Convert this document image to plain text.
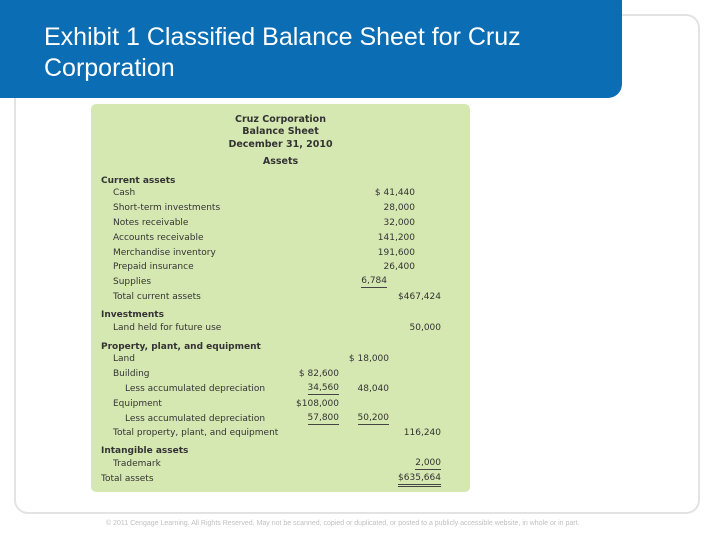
Exhibit 1 Classified Balance Sheet for Cruz Corporation
Cruz Corporation
Balance Sheet
December 31, 2010
Assets
Current assets
Cash	$ 41,440
Short-term investments	28,000
Notes receivable	32,000
Accounts receivable	141,200
Merchandise inventory	191,600
Prepaid insurance	26,400
Supplies	6,784
Total current assets	$467,424
Investments
Land held for future use	50,000
Property, plant, and equipment
Land	$ 18,000
Building	$ 82,600
Less accumulated depreciation	34,560	48,040
Equipment	$108,000
Less accumulated depreciation	57,800	50,200
Total property, plant, and equipment	116,240
Intangible assets
Trademark	2,000
Total assets	$635,664
© 2011 Cengage Learning. All Rights Reserved. May not be scanned, copied or duplicated, or posted to a publicly accessible website, in whole or in part.
